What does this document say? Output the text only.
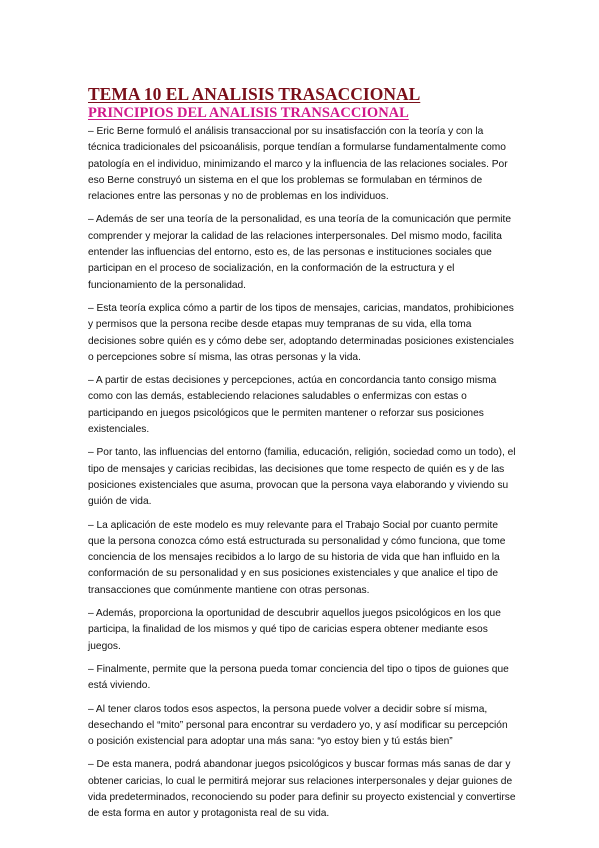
TEMA 10 EL ANALISIS TRASACCIONAL
PRINCIPIOS DEL ANALISIS TRANSACCIONAL

– Eric Berne formuló el análisis transaccional por su insatisfacción con la teoría y con la técnica tradicionales del psicoanálisis, porque tendían a formularse fundamentalmente como patología en el individuo, minimizando el marco y la influencia de las relaciones sociales. Por eso Berne construyó un sistema en el que los problemas se formulaban en términos de relaciones entre las personas y no de problemas en los individuos.

– Además de ser una teoría de la personalidad, es una teoría de la comunicación que permite comprender y mejorar la calidad de las relaciones interpersonales. Del mismo modo, facilita entender las influencias del entorno, esto es, de las personas e instituciones sociales que participan en el proceso de socialización, en la conformación de la estructura y el funcionamiento de la personalidad.

– Esta teoría explica cómo a partir de los tipos de mensajes, caricias, mandatos, prohibiciones y permisos que la persona recibe desde etapas muy tempranas de su vida, ella toma decisiones sobre quién es y cómo debe ser, adoptando determinadas posiciones existenciales o percepciones sobre sí misma, las otras personas y la vida.

– A partir de estas decisiones y percepciones, actúa en concordancia tanto consigo misma como con las demás, estableciendo relaciones saludables o enfermizas con estas o participando en juegos psicológicos que le permiten mantener o reforzar sus posiciones existenciales.

– Por tanto, las influencias del entorno (familia, educación, religión, sociedad como un todo), el tipo de mensajes y caricias recibidas, las decisiones que tome respecto de quién es y de las posiciones existenciales que asuma, provocan que la persona vaya elaborando y viviendo su guión de vida.

– La aplicación de este modelo es muy relevante para el Trabajo Social por cuanto permite que la persona conozca cómo está estructurada su personalidad y cómo funciona, que tome conciencia de los mensajes recibidos a lo largo de su historia de vida que han influido en la conformación de su personalidad y en sus posiciones existenciales y que analice el tipo de transacciones que comúnmente mantiene con otras personas.

– Además, proporciona la oportunidad de descubrir aquellos juegos psicológicos en los que participa, la finalidad de los mismos y qué tipo de caricias espera obtener mediante esos juegos.

– Finalmente, permite que la persona pueda tomar conciencia del tipo o tipos de guiones que está viviendo.

– Al tener claros todos esos aspectos, la persona puede volver a decidir sobre sí misma, desechando el “mito” personal para encontrar su verdadero yo, y así modificar su percepción o posición existencial para adoptar una más sana: “yo estoy bien y tú estás bien”

– De esta manera, podrá abandonar juegos psicológicos y buscar formas más sanas de dar y obtener caricias, lo cual le permitirá mejorar sus relaciones interpersonales y dejar guiones de vida predeterminados, reconociendo su poder para definir su proyecto existencial y convertirse de esta forma en autor y protagonista real de su vida.
